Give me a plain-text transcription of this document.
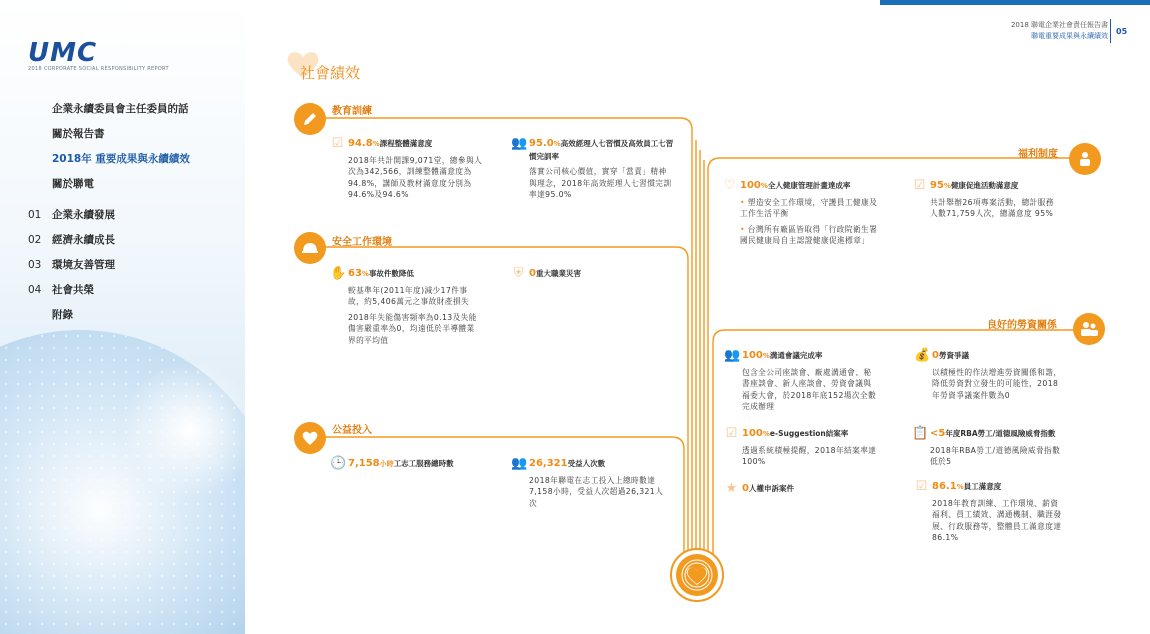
UMC
2018 CORPORATE SOCIAL RESPONSIBILITY REPORT
企業永續委員會主任委員的話
關於報告書
2018年 重要成果與永續績效
關於聯電
01	企業永續發展
02	經濟永續成長
03	環境友善管理
04	社會共榮
附錄
2018 聯電企業社會責任報告書
聯電重要成果與永續績效 05
社會績效
教育訓練
☑ 94.8%課程整體滿意度

2018年共計開課9,071堂，總參與人次為342,566，訓練整體滿意度為94.8%，講師及教材滿意度分別為94.6%及94.6%

👥 95.0%高效經理人七習慣及高效員工七習慣完訓率

落實公司核心價值，實穿「當責」精神與理念，2018年高效經理人七習慣完訓率達95.0%

安全工作環境
✋ 63%事故件數降低

較基準年(2011年度)減少17件事故，約5,406萬元之事故財產損失

2018年失能傷害頻率為0.13及失能傷害嚴重率為0，均遠低於半導體業界的平均值

⛨ 0重大職業災害
公益投入
🕒 7,158小時工志工服務總時數	👥 26,321受益人次數

2018年聯電在志工投入上總時數達7,158小時，受益人次超過26,321人次

福利制度
♡ 100%全人健康管理計畫達成率

• 塑造安全工作環境，守護員工健康及工作生活平衡

• 台灣所有廠區皆取得「行政院衛生署國民健康局自主認證健康促進標章」

☑ 95%健康促進活動滿意度

共計舉辦26項專案活動，總計服務人數71,759人次，總滿意度 95%

良好的勞資關係
👥 100%溝通會議完成率

包含全公司座談會、廠處溝通會、秘書座談會、新人座談會、勞資會議與福委大會，於2018年底152場次全數完成辦理

💰 0勞資爭議

以積極性的作法增進勞資關係和諧，降低勞資對立發生的可能性，2018年勞資爭議案件數為0

☑ 100%e-Suggestion結案率

透過系統積極提醒，2018年結案率達100%

📋 <5年度RBA勞工/道德風險威脅指數

2018年RBA勞工/道德風險威脅指數低於5

★ 0人權申訴案件	☑ 86.1%員工滿意度

2018年教育訓練、工作環境、薪資福利、員工績效、溝通機制、職涯發展、行政服務等，整體員工滿意度達86.1%
